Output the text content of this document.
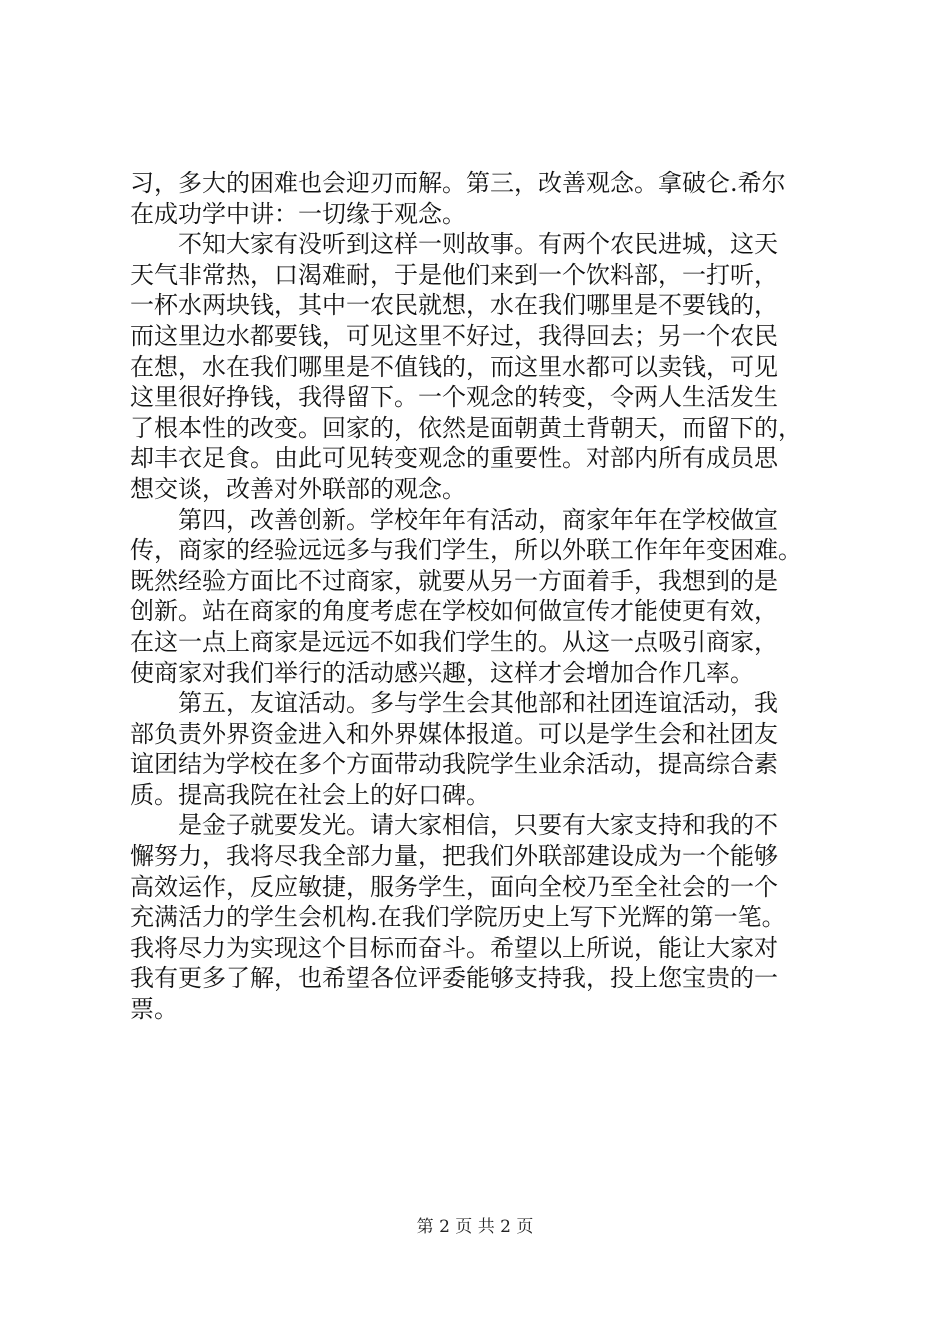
习，多大的困难也会迎刃而解。第三，改善观念。拿破仑.希尔
在成功学中讲：一切缘于观念。
不知大家有没听到这样一则故事。有两个农民进城，这天
天气非常热，口渴难耐，于是他们来到一个饮料部，一打听，
一杯水两块钱，其中一农民就想，水在我们哪里是不要钱的，
而这里边水都要钱，可见这里不好过，我得回去；另一个农民
在想，水在我们哪里是不值钱的，而这里水都可以卖钱，可见
这里很好挣钱，我得留下。一个观念的转变，令两人生活发生
了根本性的改变。回家的，依然是面朝黄土背朝天，而留下的，
却丰衣足食。由此可见转变观念的重要性。对部内所有成员思
想交谈，改善对外联部的观念。
第四，改善创新。学校年年有活动，商家年年在学校做宣
传，商家的经验远远多与我们学生，所以外联工作年年变困难。
既然经验方面比不过商家，就要从另一方面着手，我想到的是
创新。站在商家的角度考虑在学校如何做宣传才能使更有效，
在这一点上商家是远远不如我们学生的。从这一点吸引商家，
使商家对我们举行的活动感兴趣，这样才会增加合作几率。
第五，友谊活动。多与学生会其他部和社团连谊活动，我
部负责外界资金进入和外界媒体报道。可以是学生会和社团友
谊团结为学校在多个方面带动我院学生业余活动，提高综合素
质。提高我院在社会上的好口碑。
是金子就要发光。请大家相信，只要有大家支持和我的不
懈努力，我将尽我全部力量，把我们外联部建设成为一个能够
高效运作，反应敏捷，服务学生，面向全校乃至全社会的一个
充满活力的学生会机构.在我们学院历史上写下光辉的第一笔。
我将尽力为实现这个目标而奋斗。希望以上所说，能让大家对
我有更多了解，也希望各位评委能够支持我，投上您宝贵的一
票。
第 2 页 共 2 页
